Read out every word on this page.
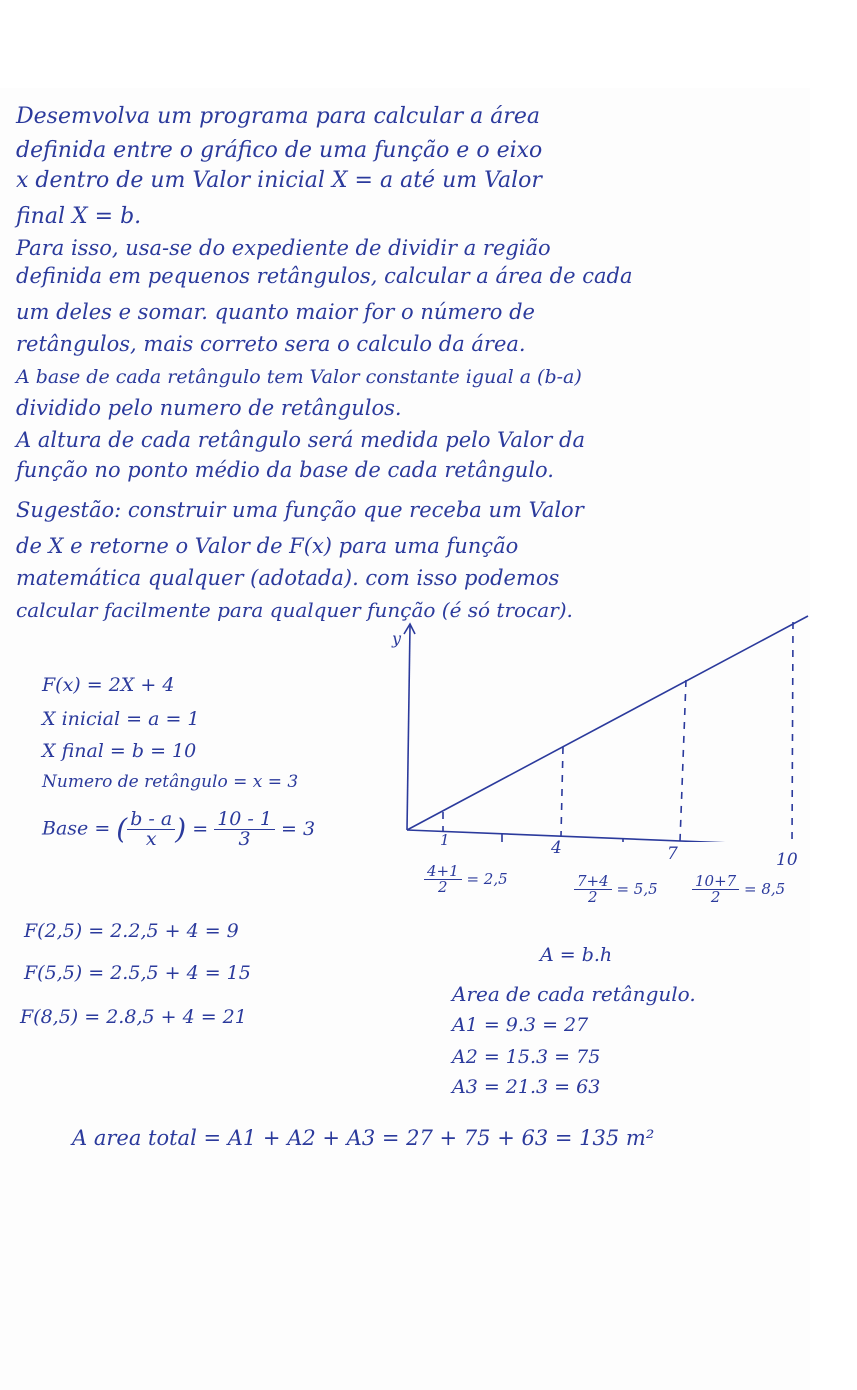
Desemvolva um programa para calcular a área
definida entre o gráfico de uma função e o eixo
x dentro de um Valor inicial X = a até um Valor
final X = b.
Para isso, usa-se do expediente de dividir a região
definida em pequenos retângulos, calcular a área de cada
um deles e somar. quanto maior for o número de
retângulos, mais correto sera o calculo da área.
A base de cada retângulo tem Valor constante igual a (b-a)
dividido pelo numero de retângulos.
A altura de cada retângulo será medida pelo Valor da
função no ponto médio da base de cada retângulo.
Sugestão: construir uma função que receba um Valor
de X e retorne o Valor de F(x) para uma função
matemática qualquer (adotada). com isso podemos
calcular facilmente para qualquer função (é só trocar).
F(x) = 2X + 4
X inicial = a = 1
X final = b = 10
Numero de retângulo = x = 3
Base = ( $\frac{b - a}{x}$ ) = $\frac{10 - 1}{3} = 3$
y
1	4	7	10
$\frac{4+1}{2} = 2,5$	$\frac{7+4}{2} = 5,5 \frac{10+7}{2} = 8,5$
F(2,5) = 2.2,5 + 4 = 9
F(5,5) = 2.5,5 + 4 = 15
F(8,5) = 2.8,5 + 4 = 21
A = b.h
Area de cada retângulo.
A1 = 9.3 = 27
A2 = 15.3 = 75
A3 = 21.3 = 63
A area total = A1 + A2 + A3 = 27 + 75 + 63 = 135 m²
